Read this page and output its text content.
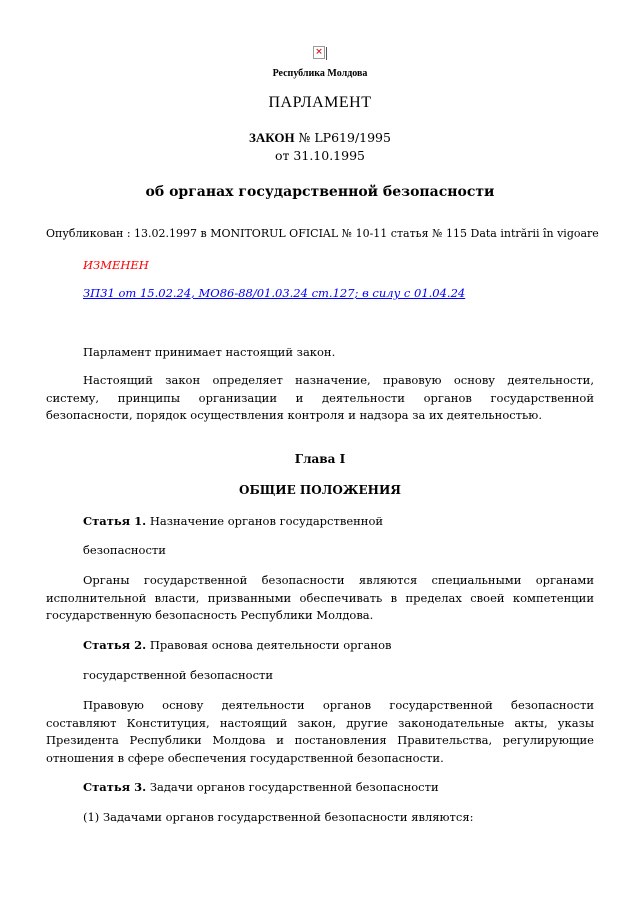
×
Республика Молдова
ПАРЛАМЕНТ
ЗАКОН № LP619/1995
от 31.10.1995
об органах государственной безопасности
Опубликован : 13.02.1997 в MONITORUL OFICIAL № 10-11 статья № 115 Data intrării în vigoare
ИЗМЕНЕН
ЗП31 от 15.02.24, МО86-88/01.03.24 ст.127; в силу с 01.04.24
Парламент принимает настоящий закон.
Настоящий закон определяет назначение, правовую основу деятельности, систему, принципы организации и деятельности органов государственной безопасности, порядок осуществления контроля и надзора за их деятельностью.
Глава I
ОБЩИЕ ПОЛОЖЕНИЯ
Статья 1. Назначение органов государственной
безопасности
Органы государственной безопасности являются специальными органами исполнительной власти, призванными обеспечивать в пределах своей компетенции государственную безопасность Республики Молдова.
Статья 2. Правовая основа деятельности органов
государственной безопасности
Правовую основу деятельности органов государственной безопасности составляют Конституция, настоящий закон, другие законодательные акты, указы Президента Республики Молдова и постановления Правительства, регулирующие отношения в сфере обеспечения государственной безопасности.
Статья 3. Задачи органов государственной безопасности
(1) Задачами органов государственной безопасности являются:
